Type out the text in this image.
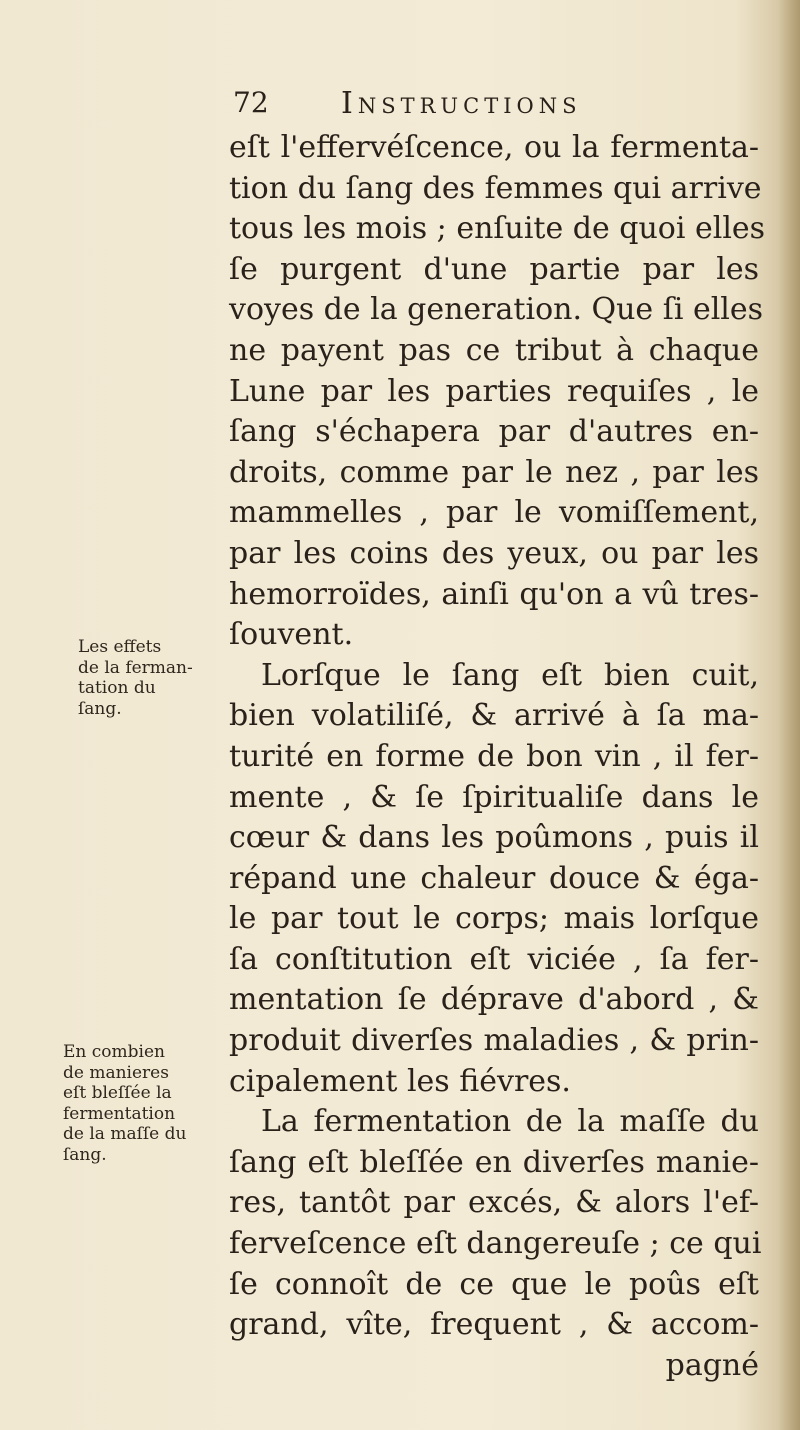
72 Instructions
Les effets
de la ferman-
tation du
ſang.
En combien
de manieres
eſt bleſſée la
fermentation
de la maſſe du
ſang.
eſt l'effervéſcence, ou la fermenta-
tion du ſang des femmes qui arrive
tous les mois ; enſuite de quoi elles
ſe purgent d'une partie par les
voyes de la generation. Que ſi elles
ne payent pas ce tribut à chaque
Lune par les parties requiſes , le
ſang s'échapera par d'autres en-
droits, comme par le nez , par les
mammelles , par le vomiſſement,
par les coins des yeux, ou par les
hemorroïdes, ainſi qu'on a vû tres-
ſouvent.
Lorſque le ſang eſt bien cuit,
bien volatiliſé, & arrivé à ſa ma-
turité en forme de bon vin , il fer-
mente , & ſe ſpiritualiſe dans le
cœur & dans les poûmons , puis il
répand une chaleur douce & éga-
le par tout le corps; mais lorſque
ſa conſtitution eſt viciée , ſa fer-
mentation ſe déprave d'abord , &
produit diverſes maladies , & prin-
cipalement les fiévres.
La fermentation de la maſſe du
ſang eſt bleſſée en diverſes manie-
res, tantôt par excés, & alors l'ef-
ferveſcence eſt dangereuſe ; ce qui
ſe connoît de ce que le poûs eſt
grand, vîte, frequent , & accom-
pagné
